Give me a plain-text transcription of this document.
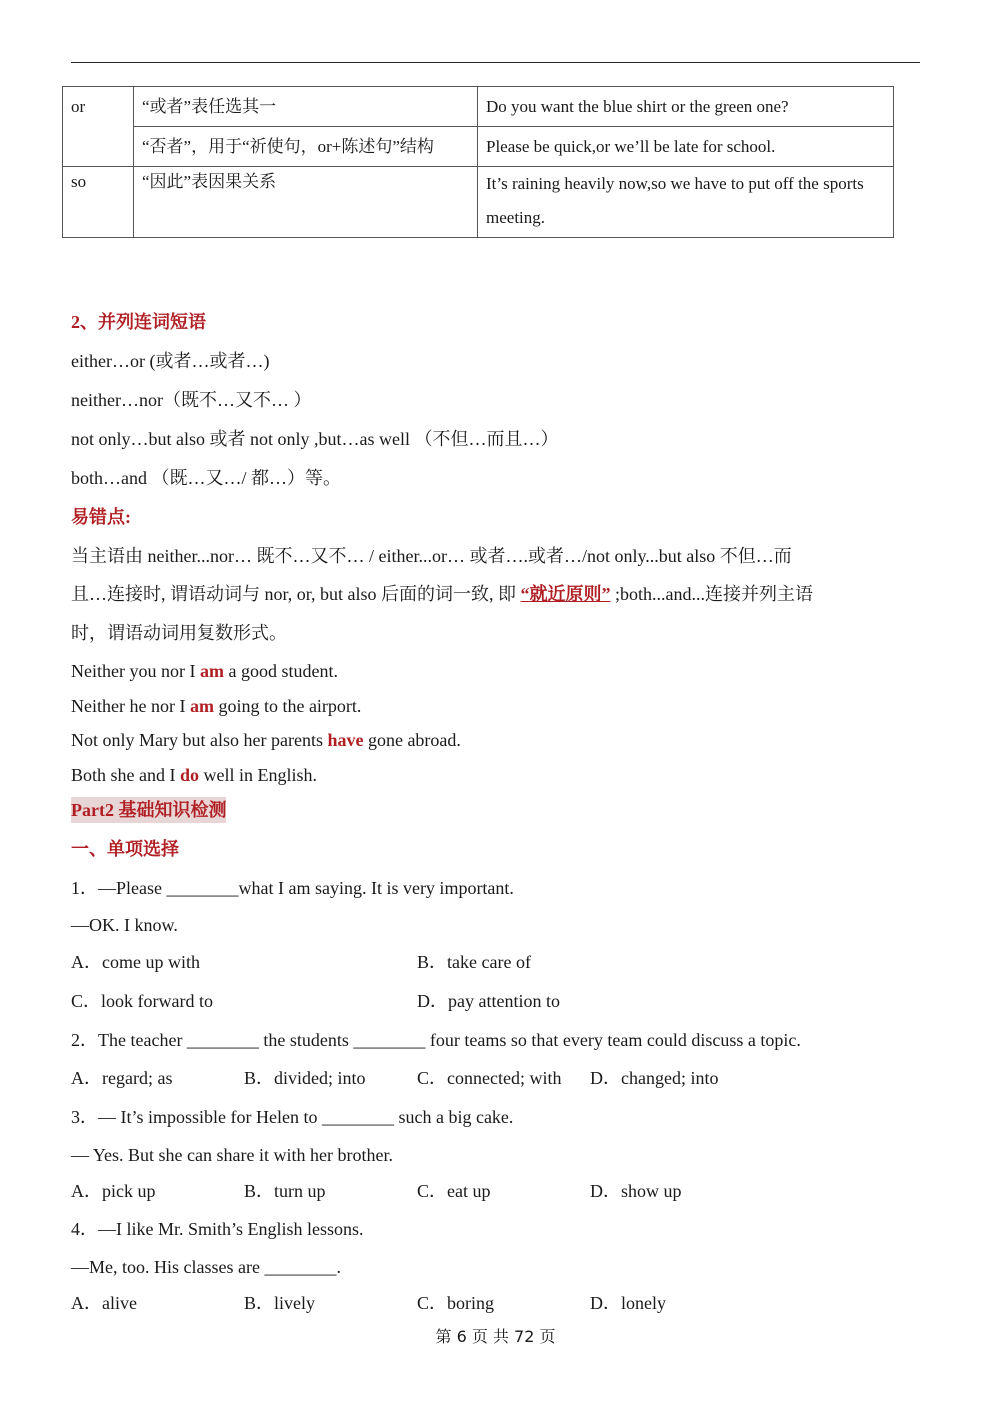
or	“或者”表任选其一	Do you want the blue shirt or the green one?
	“否者”，用于“祈使句，or+陈述句”结构	Please be quick,or we’ll be late for school.
so	“因此”表因果关系	It’s raining heavily now,so we have to put off the sports meeting.
2、并列连词短语
either…or (或者…或者…)
neither…nor（既不…又不… ）
not only…but also 或者 not only ,but…as well （不但…而且…）
both…and （既…又…/ 都…）等。
易错点:
当主语由 neither...nor… 既不…又不… / either...or… 或者….或者…/not only...but also 不但…而
且…连接时, 谓语动词与 nor, or, but also 后面的词一致, 即 “就近原则” ;both...and...连接并列主语
时，谓语动词用复数形式。
Neither you nor I am a good student.
Neither he nor I am going to the airport.
Not only Mary but also her parents have gone abroad.
Both she and I do well in English.
Part2 基础知识检测
一、单项选择
1．—Please ________what I am saying. It is very important.
—OK. I know.
A．come up with	B．take care of
C．look forward to	D．pay attention to
2．The teacher ________ the students ________ four teams so that every team could discuss a topic.
A．regard; as	B．divided; into	C．connected; with D．changed; into
3．— It’s impossible for Helen to ________ such a big cake.
— Yes. But she can share it with her brother.
A．pick up	B．turn up	C．eat up	D．show up
4．—I like Mr. Smith’s English lessons.
—Me, too. His classes are ________.
A．alive	B．lively	C．boring	D．lonely
第 6 页 共 72 页
